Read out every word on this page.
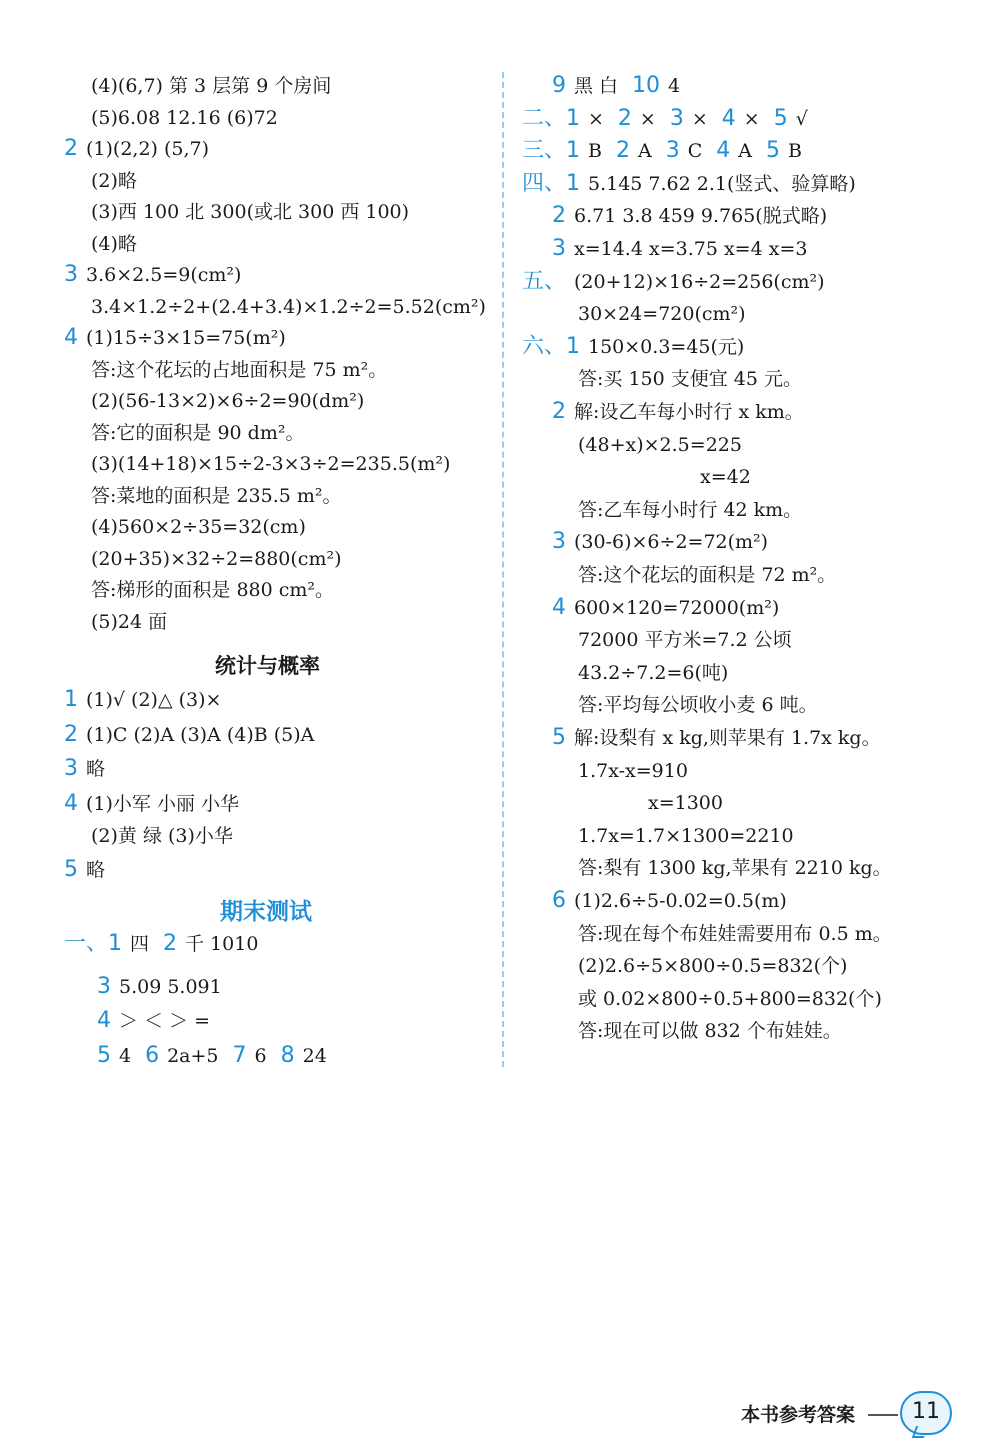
(4)(6,7) 第 3 层第 9 个房间
(5)6.08 12.16 (6)72
2 (1)(2,2) (5,7)
(2)略
(3)西 100 北 300(或北 300 西 100)
(4)略
3 3.6×2.5=9(cm²)
3.4×1.2÷2+(2.4+3.4)×1.2÷2=5.52(cm²)
4 (1)15÷3×15=75(m²)
答:这个花坛的占地面积是 75 m²。
(2)(56-13×2)×6÷2=90(dm²)
答:它的面积是 90 dm²。
(3)(14+18)×15÷2-3×3÷2=235.5(m²)
答:菜地的面积是 235.5 m²。
(4)560×2÷35=32(cm)
(20+35)×32÷2=880(cm²)
答:梯形的面积是 880 cm²。
(5)24 面
统计与概率
1 (1)√ (2)△ (3)×
2 (1)C (2)A (3)A (4)B (5)A
3 略
4 (1)小军 小丽 小华
(2)黄 绿 (3)小华
5 略
期末测试
一、1 四 2 千 1010
3 5.09 5.091
4 ＞ ＜ ＞ =
5 4 6 2a+5 7 6 8 24
9 黑 白 10 4
二、1 × 2 × 3 × 4 × 5 √
三、1 B 2 A 3 C 4 A 5 B
四、1 5.145 7.62 2.1(竖式、验算略)
2 6.71 3.8 459 9.765(脱式略)
3 x=14.4 x=3.75 x=4 x=3
五、 (20+12)×16÷2=256(cm²)
30×24=720(cm²)
六、1 150×0.3=45(元)
答:买 150 支便宜 45 元。
2 解:设乙车每小时行 x km。
(48+x)×2.5=225
x=42
答:乙车每小时行 42 km。
3 (30-6)×6÷2=72(m²)
答:这个花坛的面积是 72 m²。
4 600×120=72000(m²)
72000 平方米=7.2 公顷
43.2÷7.2=6(吨)
答:平均每公顷收小麦 6 吨。
5 解:设梨有 x kg,则苹果有 1.7x kg。
1.7x-x=910
x=1300
1.7x=1.7×1300=2210
答:梨有 1300 kg,苹果有 2210 kg。
6 (1)2.6÷5-0.02=0.5(m)
答:现在每个布娃娃需要用布 0.5 m。
(2)2.6÷5×800÷0.5=832(个)
或 0.02×800÷0.5+800=832(个)
答:现在可以做 832 个布娃娃。
本书参考答案	11
